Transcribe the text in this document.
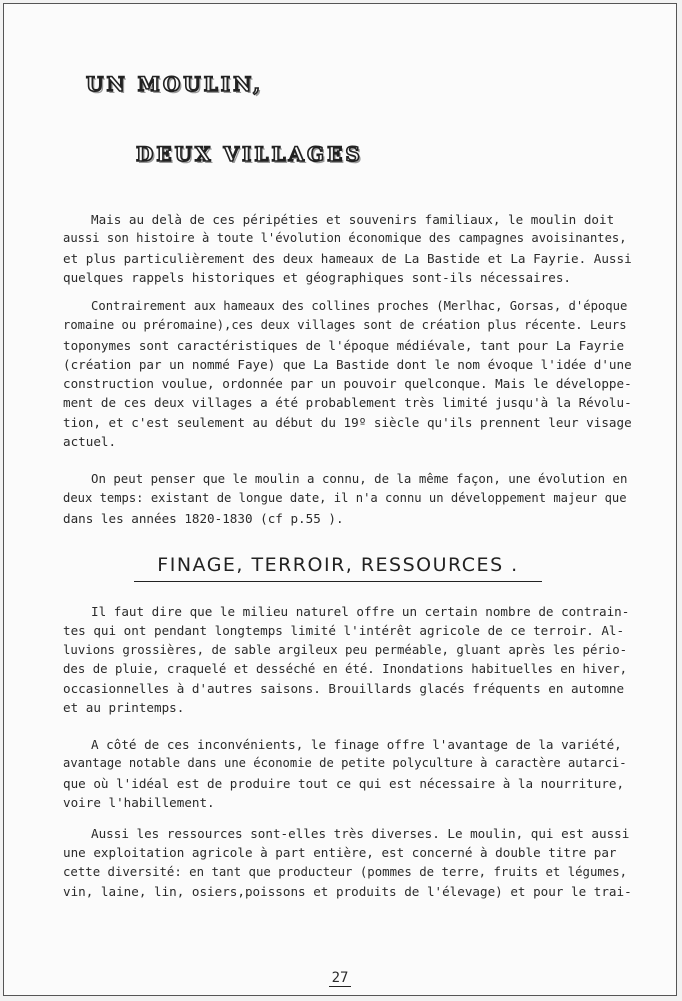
UN MOULIN,
DEUX VILLAGES
Mais au delà de ces péripéties et souvenirs familiaux, le moulin doit
aussi son histoire à toute l'évolution économique des campagnes avoisinantes,
et plus particulièrement des deux hameaux de La Bastide et La Fayrie. Aussi
quelques rappels historiques et géographiques sont-ils nécessaires.
Contrairement aux hameaux des collines proches (Merlhac, Gorsas, d'époque
romaine ou préromaine),ces deux villages sont de création plus récente. Leurs
toponymes sont caractéristiques de l'époque médiévale, tant pour La Fayrie
(création par un nommé Faye) que La Bastide dont le nom évoque l'idée d'une
construction voulue, ordonnée par un pouvoir quelconque. Mais le développe-
ment de ces deux villages a été probablement très limité jusqu'à la Révolu-
tion, et c'est seulement au début du 19º siècle qu'ils prennent leur visage
actuel.
On peut penser que le moulin a connu, de la même façon, une évolution en
deux temps: existant de longue date, il n'a connu un développement majeur que
dans les années 1820-1830 (cf p.55 ).
FINAGE, TERROIR, RESSOURCES .
Il faut dire que le milieu naturel offre un certain nombre de contrain-
tes qui ont pendant longtemps limité l'intérêt agricole de ce terroir. Al-
luvions grossières, de sable argileux peu perméable, gluant après les pério-
des de pluie, craquelé et desséché en été. Inondations habituelles en hiver,
occasionnelles à d'autres saisons. Brouillards glacés fréquents en automne
et au printemps.
A côté de ces inconvénients, le finage offre l'avantage de la variété,
avantage notable dans une économie de petite polyculture à caractère autarci-
que où l'idéal est de produire tout ce qui est nécessaire à la nourriture,
voire l'habillement.
Aussi les ressources sont-elles très diverses. Le moulin, qui est aussi
une exploitation agricole à part entière, est concerné à double titre par
cette diversité: en tant que producteur (pommes de terre, fruits et légumes,
vin, laine, lin, osiers,poissons et produits de l'élevage) et pour le trai-
27
